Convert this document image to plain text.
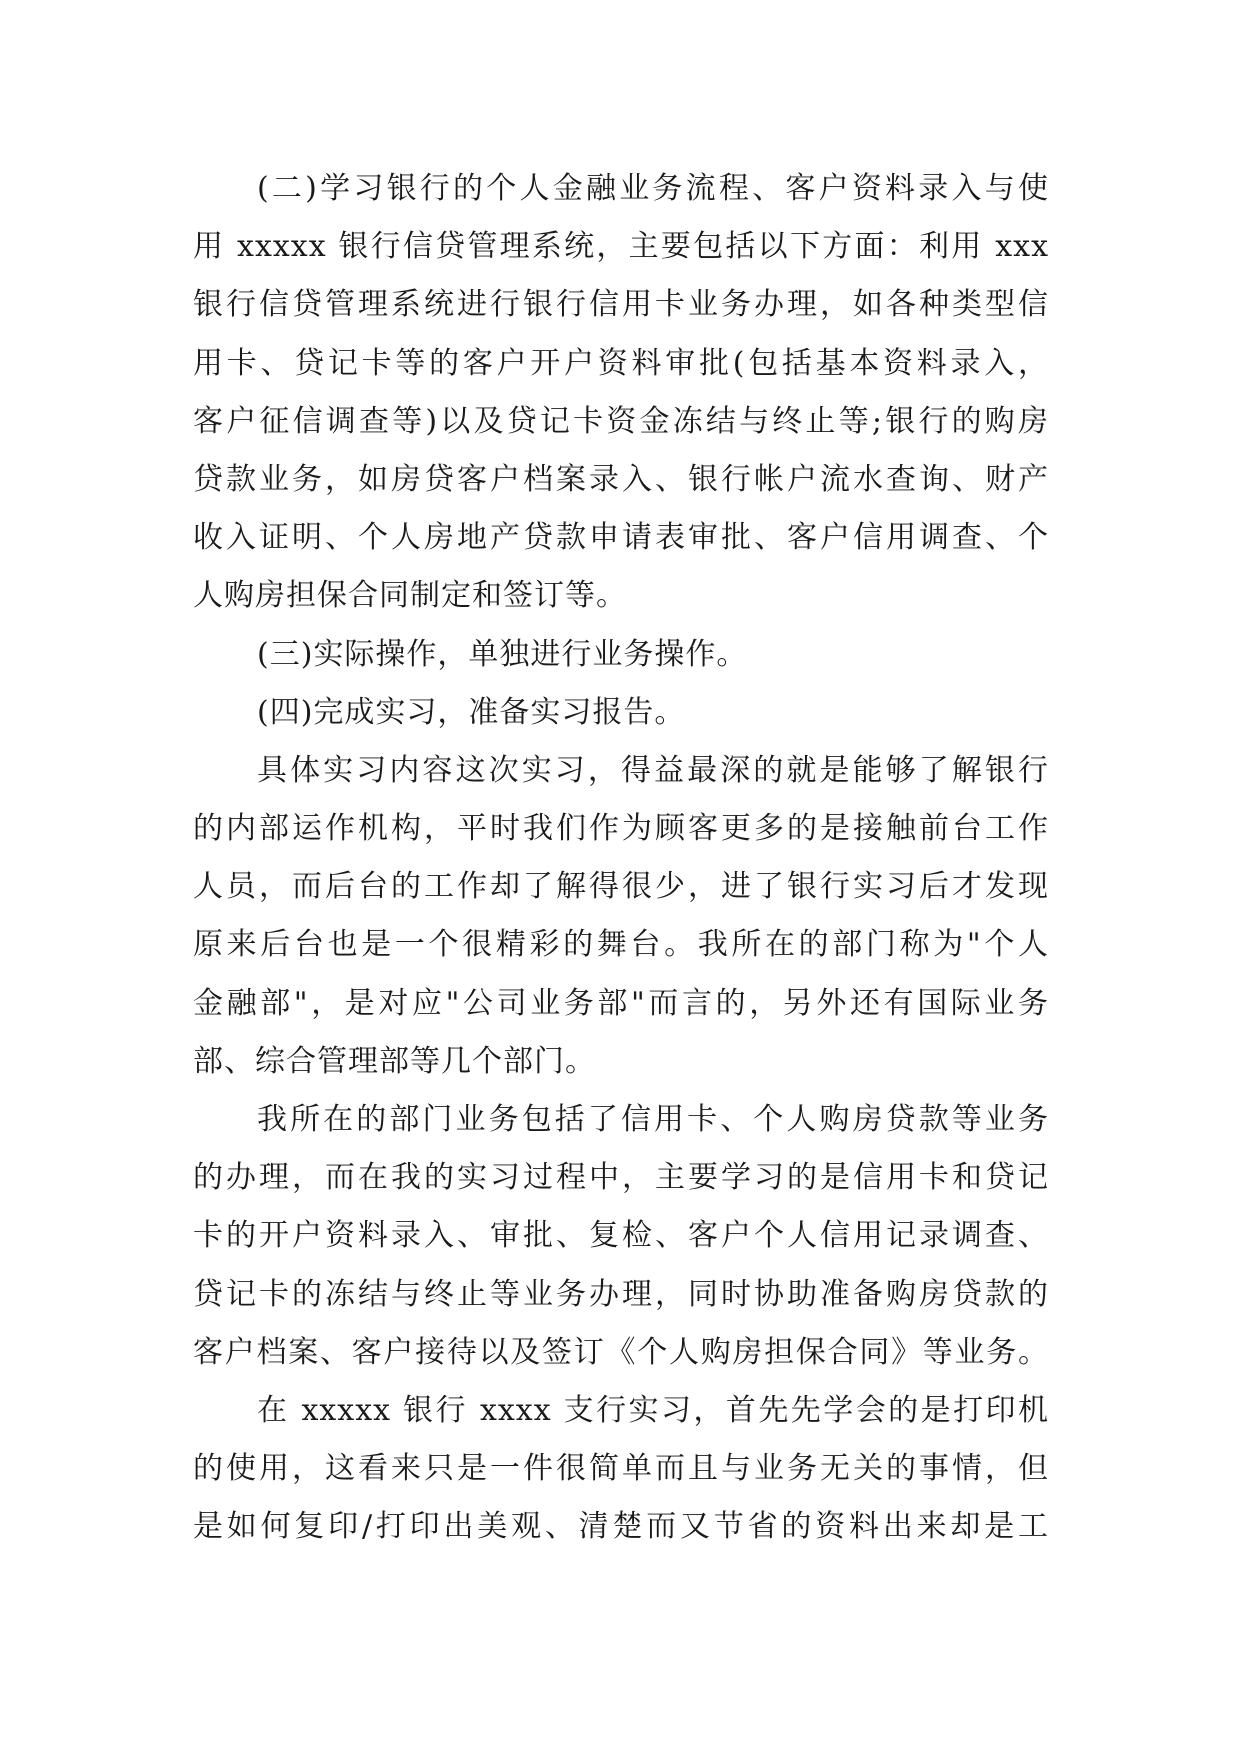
(二)学习银行的个人金融业务流程、客户资料录入与使
用 xxxxx 银行信贷管理系统，主要包括以下方面：利用 xxx
银行信贷管理系统进行银行信用卡业务办理，如各种类型信
用卡、贷记卡等的客户开户资料审批(包括基本资料录入，
客户征信调查等)以及贷记卡资金冻结与终止等;银行的购房
贷款业务，如房贷客户档案录入、银行帐户流水查询、财产
收入证明、个人房地产贷款申请表审批、客户信用调查、个
人购房担保合同制定和签订等。
(三)实际操作，单独进行业务操作。
(四)完成实习，准备实习报告。
具体实习内容这次实习，得益最深的就是能够了解银行
的内部运作机构，平时我们作为顾客更多的是接触前台工作
人员，而后台的工作却了解得很少，进了银行实习后才发现
原来后台也是一个很精彩的舞台。我所在的部门称为"个人
金融部"，是对应"公司业务部"而言的，另外还有国际业务
部、综合管理部等几个部门。
我所在的部门业务包括了信用卡、个人购房贷款等业务
的办理，而在我的实习过程中，主要学习的是信用卡和贷记
卡的开户资料录入、审批、复检、客户个人信用记录调查、
贷记卡的冻结与终止等业务办理，同时协助准备购房贷款的
客户档案、客户接待以及签订《个人购房担保合同》等业务。
在 xxxxx 银行 xxxx 支行实习，首先先学会的是打印机
的使用，这看来只是一件很简单而且与业务无关的事情，但
是如何复印/打印出美观、清楚而又节省的资料出来却是工
